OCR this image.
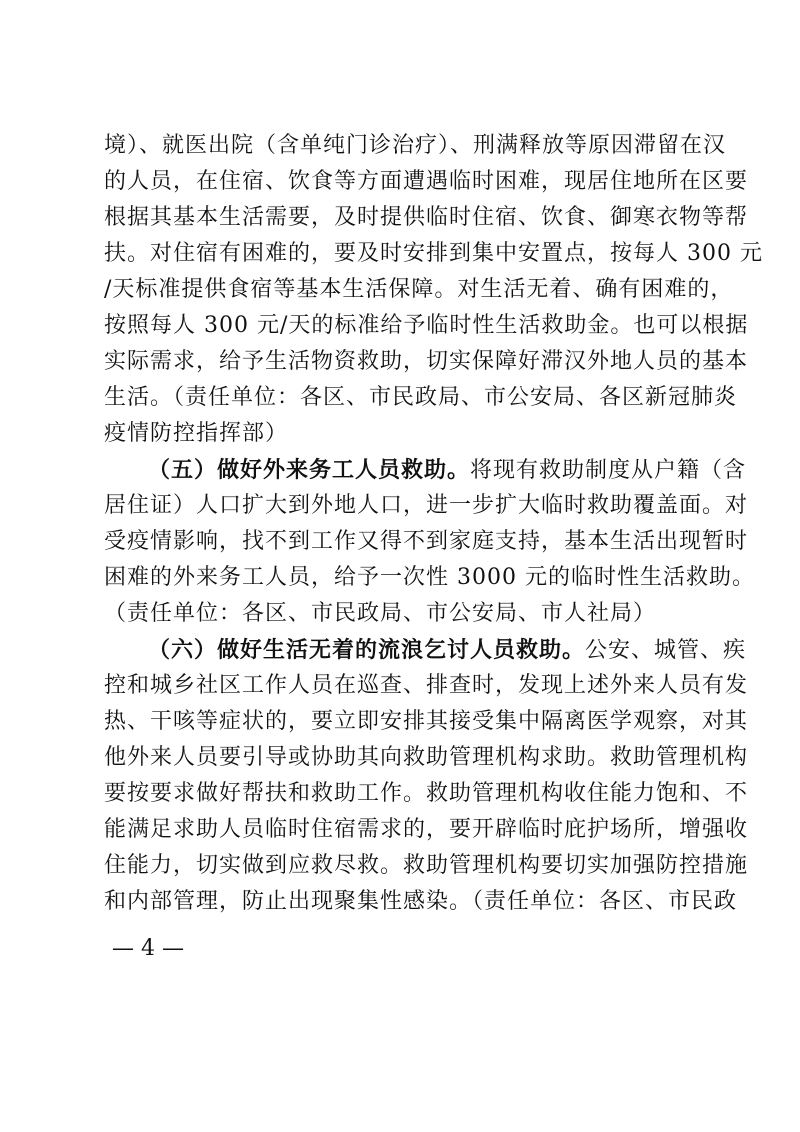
境）、就医出院（含单纯门诊治疗）、刑满释放等原因滞留在汉
的人员，在住宿、饮食等方面遭遇临时困难，现居住地所在区要
根据其基本生活需要，及时提供临时住宿、饮食、御寒衣物等帮
扶。对住宿有困难的，要及时安排到集中安置点，按每人 300 元
/天标准提供食宿等基本生活保障。对生活无着、确有困难的，
按照每人 300 元/天的标准给予临时性生活救助金。也可以根据
实际需求，给予生活物资救助，切实保障好滞汉外地人员的基本
生活。（责任单位：各区、市民政局、市公安局、各区新冠肺炎
疫情防控指挥部）
（五）做好外来务工人员救助。将现有救助制度从户籍（含
居住证）人口扩大到外地人口，进一步扩大临时救助覆盖面。对
受疫情影响，找不到工作又得不到家庭支持，基本生活出现暂时
困难的外来务工人员，给予一次性 3000 元的临时性生活救助。
（责任单位：各区、市民政局、市公安局、市人社局）
（六）做好生活无着的流浪乞讨人员救助。公安、城管、疾
控和城乡社区工作人员在巡查、排查时，发现上述外来人员有发
热、干咳等症状的，要立即安排其接受集中隔离医学观察，对其
他外来人员要引导或协助其向救助管理机构求助。救助管理机构
要按要求做好帮扶和救助工作。救助管理机构收住能力饱和、不
能满足求助人员临时住宿需求的，要开辟临时庇护场所，增强收
住能力，切实做到应救尽救。救助管理机构要切实加强防控措施
和内部管理，防止出现聚集性感染。（责任单位：各区、市民政
— 4 —
